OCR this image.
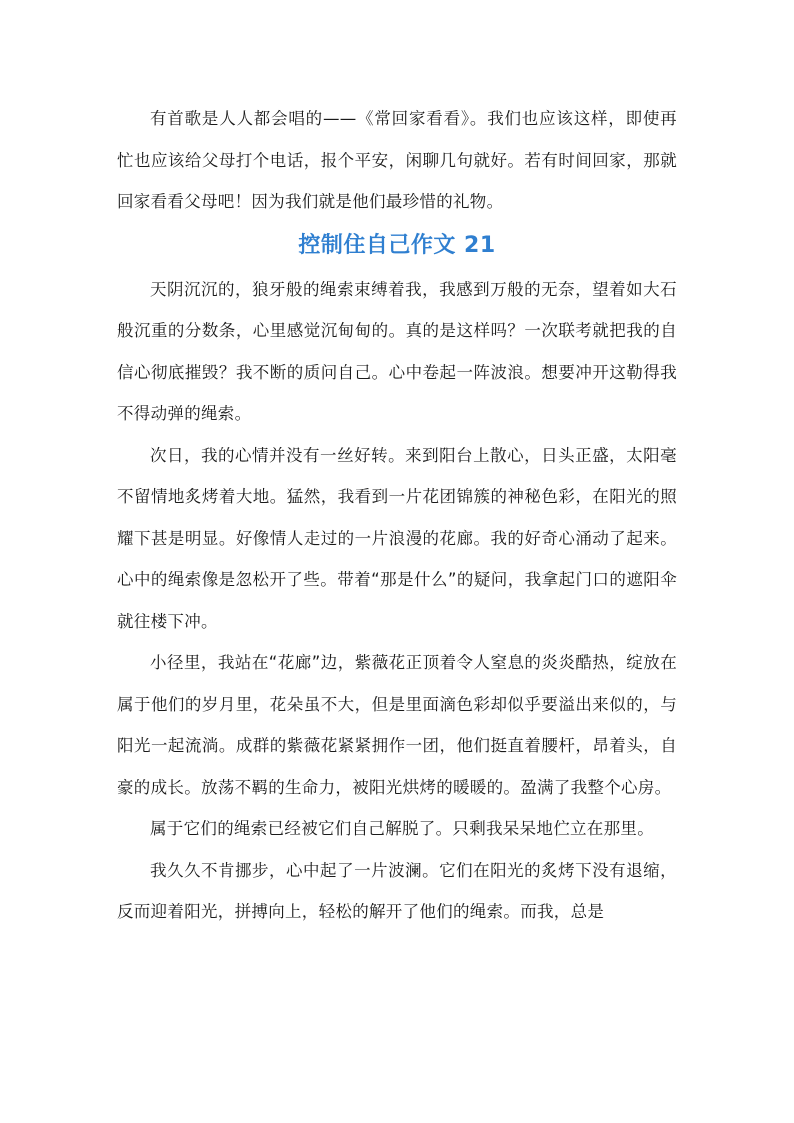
有首歌是人人都会唱的——《常回家看看》。我们也应该这样，即使再忙也应该给父母打个电话，报个平安，闲聊几句就好。若有时间回家，那就回家看看父母吧！因为我们就是他们最珍惜的礼物。

控制住自己作文 21

天阴沉沉的，狼牙般的绳索束缚着我，我感到万般的无奈，望着如大石般沉重的分数条，心里感觉沉甸甸的。真的是这样吗？一次联考就把我的自信心彻底摧毁？我不断的质问自己。心中卷起一阵波浪。想要冲开这勒得我不得动弹的绳索。

次日，我的心情并没有一丝好转。来到阳台上散心，日头正盛，太阳毫不留情地炙烤着大地。猛然，我看到一片花团锦簇的神秘色彩，在阳光的照耀下甚是明显。好像情人走过的一片浪漫的花廊。我的好奇心涌动了起来。心中的绳索像是忽松开了些。带着“那是什么”的疑问，我拿起门口的遮阳伞就往楼下冲。

小径里，我站在“花廊”边，紫薇花正顶着令人窒息的炎炎酷热，绽放在属于他们的岁月里，花朵虽不大，但是里面滴色彩却似乎要溢出来似的，与阳光一起流淌。成群的紫薇花紧紧拥作一团，他们挺直着腰杆，昂着头，自豪的成长。放荡不羁的生命力，被阳光烘烤的暖暖的。盈满了我整个心房。

属于它们的绳索已经被它们自己解脱了。只剩我呆呆地伫立在那里。

我久久不肯挪步，心中起了一片波澜。它们在阳光的炙烤下没有退缩，反而迎着阳光，拼搏向上，轻松的解开了他们的绳索。而我，总是
